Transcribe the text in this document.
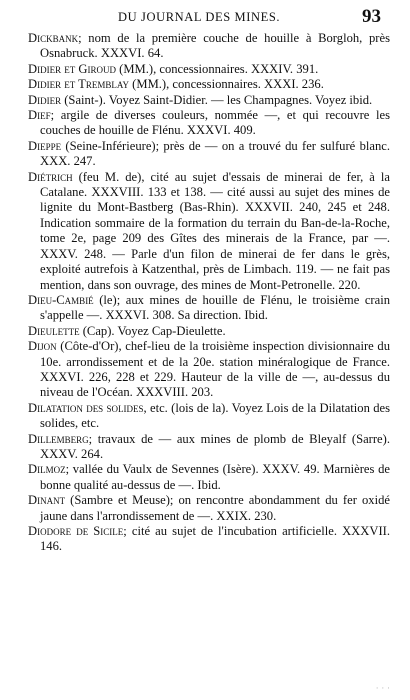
DU JOURNAL DES MINES.	93

Dickbank; nom de la première couche de houille à Borgloh, près Osnabruck. XXXVI. 64.

Didier et Giroud (MM.), concessionnaires. XXXIV. 391.

Didier et Tremblay (MM.), concessionnaires. XXXI. 236.

Didier (Saint-). Voyez Saint-Didier. — les Champagnes. Voyez ibid.

Dief; argile de diverses couleurs, nommée —, et qui recouvre les couches de houille de Flénu. XXXVI. 409.

Dieppe (Seine-Inférieure); près de — on a trouvé du fer sulfuré blanc. XXX. 247.

Diétrich (feu M. de), cité au sujet d'essais de minerai de fer, à la Catalane. XXXVIII. 133 et 138. — cité aussi au sujet des mines de lignite du Mont-Bastberg (Bas-Rhin). XXXVII. 240, 245 et 248. Indication sommaire de la formation du terrain du Ban-de-la-Roche, tome 2e, page 209 des Gîtes des minerais de la France, par —. XXXV. 248. — Parle d'un filon de minerai de fer dans le grès, exploité autrefois à Katzenthal, près de Limbach. 119. — ne fait pas mention, dans son ouvrage, des mines de Mont-Petronelle. 220.

Dieu-Cambié (le); aux mines de houille de Flénu, le troisième crain s'appelle —. XXXVI. 308. Sa direction. Ibid.

Dieulette (Cap). Voyez Cap-Dieulette.

Dijon (Côte-d'Or), chef-lieu de la troisième inspection divisionnaire du 10e. arrondissement et de la 20e. station minéralogique de France. XXXVI. 226, 228 et 229. Hauteur de la ville de —, au-dessus du niveau de l'Océan. XXXVIII. 203.

Dilatation des solides, etc. (lois de la). Voyez Lois de la Dilatation des solides, etc.

Dillemberg; travaux de — aux mines de plomb de Bleyalf (Sarre). XXXV. 264.

Dilmoz; vallée du Vaulx de Sevennes (Isère). XXXV. 49. Marnières de bonne qualité au-dessus de —. Ibid.

Dinant (Sambre et Meuse); on rencontre abondamment du fer oxidé jaune dans l'arrondissement de —. XXIX. 230.

Diodore de Sicile; cité au sujet de l'incubation artificielle. XXXVII. 146.

· · ·
